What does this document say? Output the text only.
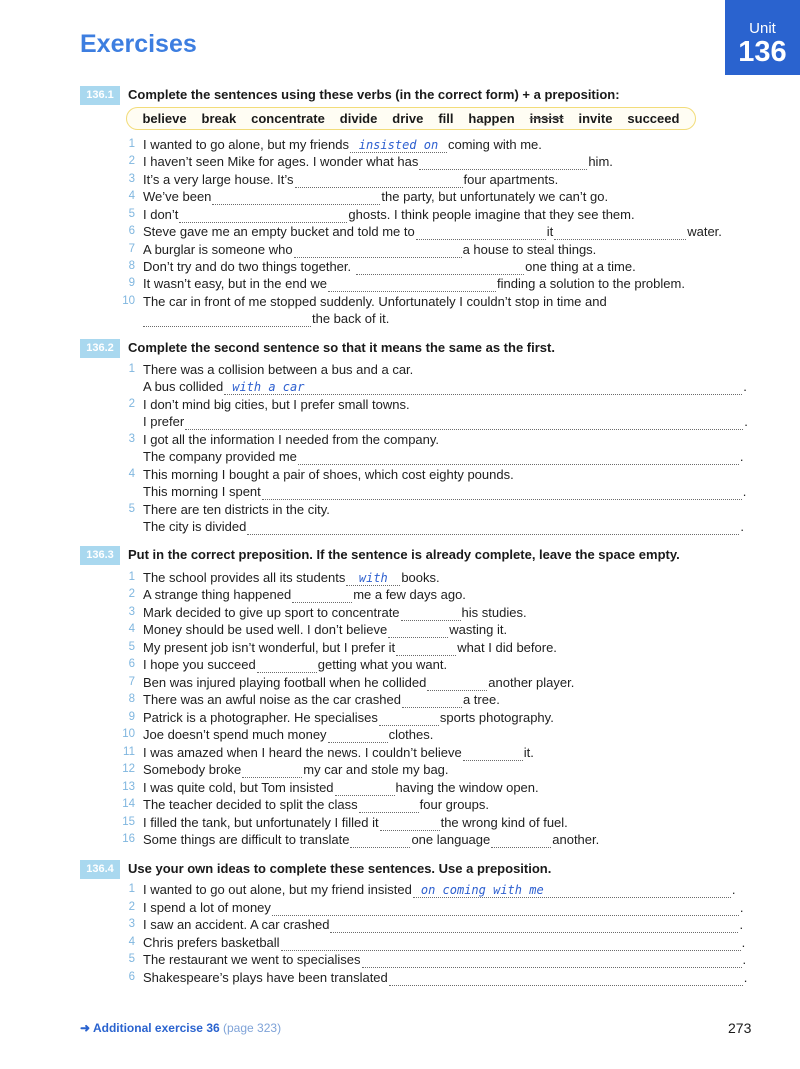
Exercises
Unit
136
136.1	Complete the sentences using these verbs (in the correct form) + a preposition:
believe break concentrate divide drive fill happen insist invite succeed
1 I wanted to go alone, but my friends insisted on coming with me.
2 I haven’t seen Mike for ages. I wonder what has	him.
3 It’s a very large house. It’s	four apartments.
4 We’ve been	the party, but unfortunately we can’t go.
5 I don’t	ghosts. I think people imagine that they see them.
6 Steve gave me an empty bucket and told me to	it	water.
7 A burglar is someone who	a house to steal things.
8 Don’t try and do two things together.	one thing at a time.
9 It wasn’t easy, but in the end we	finding a solution to the problem.
10 The car in front of me stopped suddenly. Unfortunately I couldn’t stop in time and
the back of it.
136.2	Complete the second sentence so that it means the same as the first.
1 There was a collision between a bus and a car.
A bus collided with a car	.
2 I don’t mind big cities, but I prefer small towns.
I prefer	.
3 I got all the information I needed from the company.
The company provided me	.
4 This morning I bought a pair of shoes, which cost eighty pounds.
This morning I spent	.
5 There are ten districts in the city.
The city is divided	.
136.3	Put in the correct preposition. If the sentence is already complete, leave the space empty.
1 The school provides all its students	with	books.
2 A strange thing happened	me a few days ago.
3 Mark decided to give up sport to concentrate	his studies.
4 Money should be used well. I don’t believe	wasting it.
5 My present job isn’t wonderful, but I prefer it	what I did before.
6 I hope you succeed	getting what you want.
7 Ben was injured playing football when he collided	another player.
8 There was an awful noise as the car crashed	a tree.
9 Patrick is a photographer. He specialises	sports photography.
10 Joe doesn’t spend much money	clothes.
11 I was amazed when I heard the news. I couldn’t believe	it.
12 Somebody broke	my car and stole my bag.
13 I was quite cold, but Tom insisted	having the window open.
14 The teacher decided to split the class	four groups.
15 I filled the tank, but unfortunately I filled it	the wrong kind of fuel.
16 Some things are difficult to translate	one language	another.
136.4	Use your own ideas to complete these sentences. Use a preposition.
1 I wanted to go out alone, but my friend insisted on coming with me	.
2 I spend a lot of money	.
3 I saw an accident. A car crashed	.
4 Chris prefers basketball	.
5 The restaurant we went to specialises	.
6 Shakespeare’s plays have been translated	.
➜ Additional exercise 36 (page 323)	273
